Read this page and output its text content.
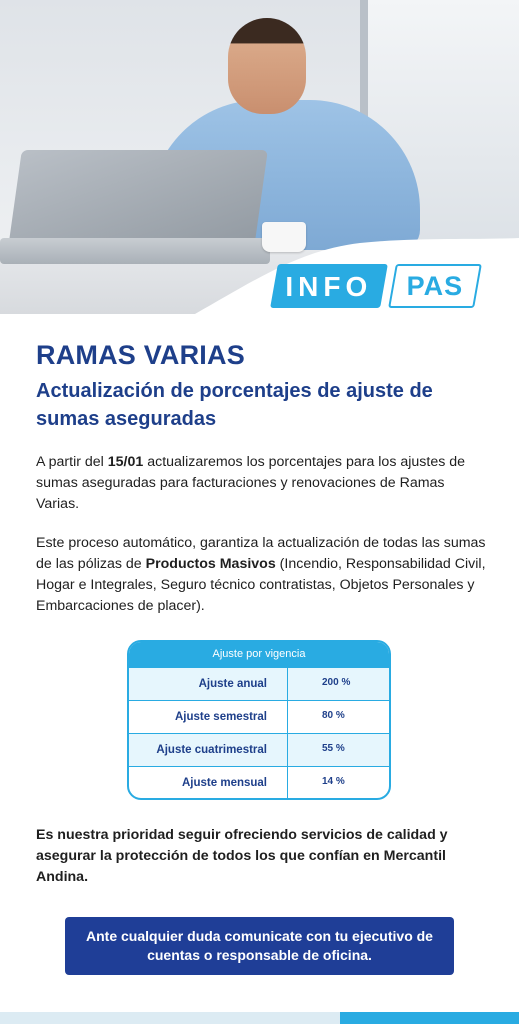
INFO	PAS
RAMAS VARIAS
Actualización de porcentajes de ajuste de sumas aseguradas

A partir del 15/01 actualizaremos los porcentajes para los ajustes de sumas aseguradas para facturaciones y renovaciones de Ramas Varias.

Este proceso automático, garantiza la actualización de todas las sumas de las pólizas de Productos Masivos (Incendio, Responsabilidad Civil, Hogar e Integrales, Seguro técnico contratistas, Objetos Personales y Embarcaciones de placer).

Ajuste por vigencia
Ajuste anual	200 %
Ajuste semestral	80 %
Ajuste cuatrimestral	55 %
Ajuste mensual	14 %

Es nuestra prioridad seguir ofreciendo servicios de calidad y asegurar la protección de todos los que confían en Mercantil Andina.

Ante cualquier duda comunicate con tu ejecutivo de cuentas o responsable de oficina.
